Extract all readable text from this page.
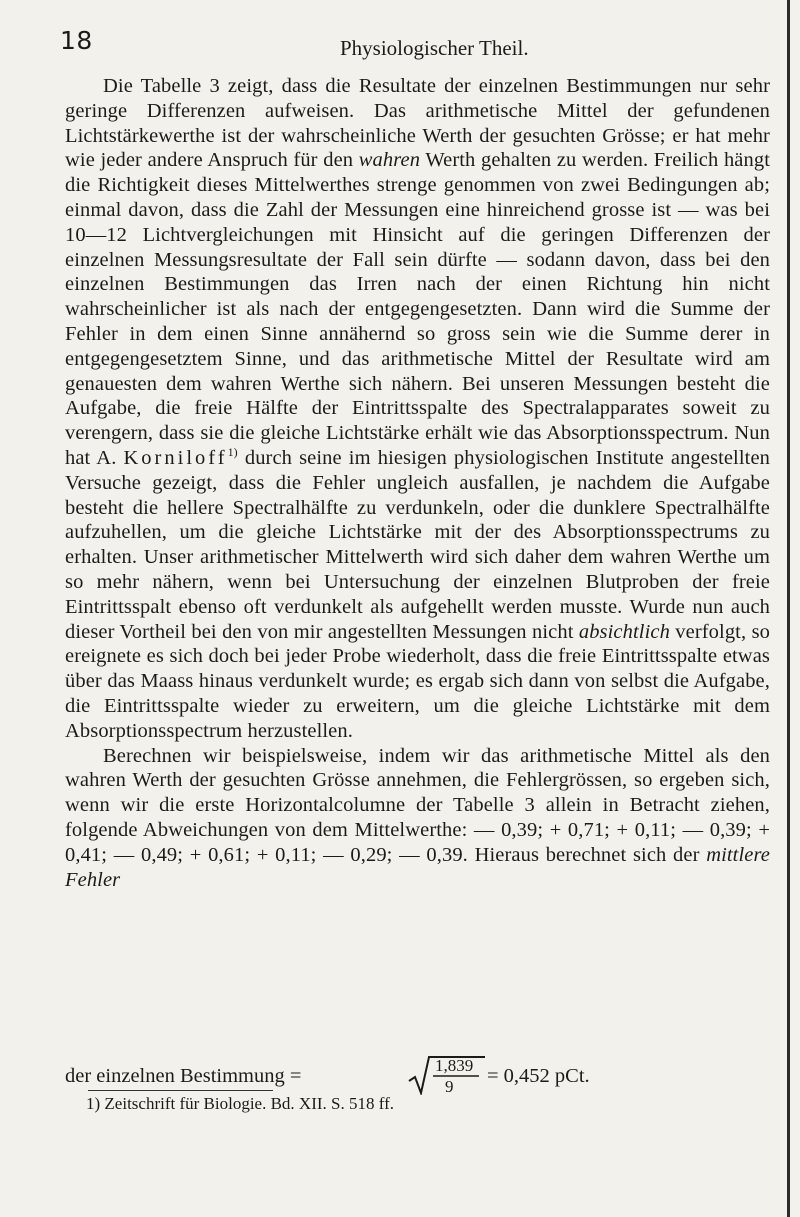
18	Physiologischer Theil.

Die Tabelle 3 zeigt, dass die Resultate der einzelnen Bestimmungen nur sehr geringe Differenzen aufweisen. Das arithmetische Mittel der gefundenen Lichtstärkewerthe ist der wahrscheinliche Werth der gesuchten Grösse; er hat mehr wie jeder andere Anspruch für den wahren Werth gehalten zu werden. Freilich hängt die Richtigkeit dieses Mittelwerthes strenge genommen von zwei Bedingungen ab; einmal davon, dass die Zahl der Messungen eine hinreichend grosse ist — was bei 10—12 Lichtvergleichungen mit Hinsicht auf die geringen Differenzen der einzelnen Messungsresultate der Fall sein dürfte — sodann davon, dass bei den einzelnen Bestimmungen das Irren nach der einen Richtung hin nicht wahrscheinlicher ist als nach der entgegengesetzten. Dann wird die Summe der Fehler in dem einen Sinne annähernd so gross sein wie die Summe derer in entgegengesetztem Sinne, und das arithmetische Mittel der Resultate wird am genauesten dem wahren Werthe sich nähern. Bei unseren Messungen besteht die Aufgabe, die freie Hälfte der Eintrittsspalte des Spectralapparates soweit zu verengern, dass sie die gleiche Lichtstärke erhält wie das Absorptionsspectrum. Nun hat A. Korniloff$^{1)}$ durch seine im hiesigen physiologischen Institute angestellten Versuche gezeigt, dass die Fehler ungleich ausfallen, je nachdem die Aufgabe besteht die hellere Spectralhälfte zu verdunkeln, oder die dunklere Spectralhälfte aufzuhellen, um die gleiche Lichtstärke mit der des Absorptionsspectrums zu erhalten. Unser arithmetischer Mittelwerth wird sich daher dem wahren Werthe um so mehr nähern, wenn bei Untersuchung der einzelnen Blutproben der freie Eintrittsspalt ebenso oft verdunkelt als aufgehellt werden musste. Wurde nun auch dieser Vortheil bei den von mir angestellten Messungen nicht absichtlich verfolgt, so ereignete es sich doch bei jeder Probe wiederholt, dass die freie Eintrittsspalte etwas über das Maass hinaus verdunkelt wurde; es ergab sich dann von selbst die Aufgabe, die Eintrittsspalte wieder zu erweitern, um die gleiche Lichtstärke mit dem Absorptionsspectrum herzustellen.

Berechnen wir beispielsweise, indem wir das arithmetische Mittel als den wahren Werth der gesuchten Grösse annehmen, die Fehlergrössen, so ergeben sich, wenn wir die erste Horizontalcolumne der Tabelle 3 allein in Betracht ziehen, folgende Abweichungen von dem Mittelwerthe: — 0,39; + 0,71; + 0,11; — 0,39; + 0,41; — 0,49; + 0,61; + 0,11; — 0,29; — 0,39. Hieraus berechnet sich der mittlere Fehler

der einzelnen Bestimmung =	1,839
9 = 0,452 pCt.
1) Zeitschrift für Biologie. Bd. XII. S. 518 ff.
